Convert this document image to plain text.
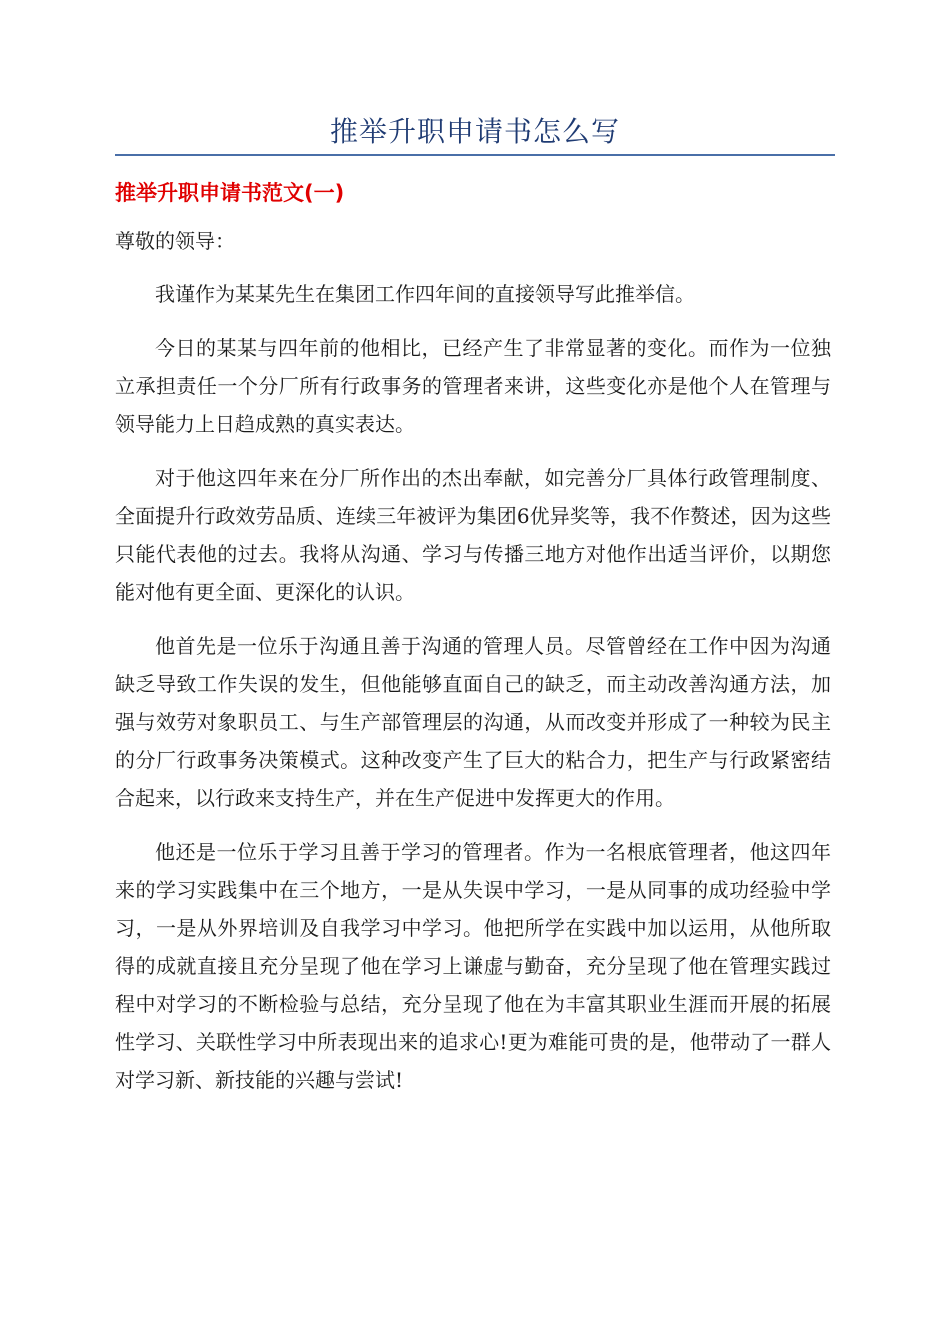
推举升职申请书怎么写
推举升职申请书范文(一)
尊敬的领导：

我谨作为某某先生在集团工作四年间的直接领导写此推举信。

今日的某某与四年前的他相比，已经产生了非常显著的变化。而作为一位独立承担责任一个分厂所有行政事务的管理者来讲，这些变化亦是他个人在管理与领导能力上日趋成熟的真实表达。

对于他这四年来在分厂所作出的杰出奉献，如完善分厂具体行政管理制度、全面提升行政效劳品质、连续三年被评为集团6优异奖等，我不作赘述，因为这些只能代表他的过去。我将从沟通、学习与传播三地方对他作出适当评价，以期您能对他有更全面、更深化的认识。

他首先是一位乐于沟通且善于沟通的管理人员。尽管曾经在工作中因为沟通缺乏导致工作失误的发生，但他能够直面自己的缺乏，而主动改善沟通方法，加强与效劳对象职员工、与生产部管理层的沟通，从而改变并形成了一种较为民主的分厂行政事务决策模式。这种改变产生了巨大的粘合力，把生产与行政紧密结合起来，以行政来支持生产，并在生产促进中发挥更大的作用。

他还是一位乐于学习且善于学习的管理者。作为一名根底管理者，他这四年来的学习实践集中在三个地方，一是从失误中学习，一是从同事的成功经验中学习，一是从外界培训及自我学习中学习。他把所学在实践中加以运用，从他所取得的成就直接且充分呈现了他在学习上谦虚与勤奋，充分呈现了他在管理实践过程中对学习的不断检验与总结，充分呈现了他在为丰富其职业生涯而开展的拓展性学习、关联性学习中所表现出来的追求心!更为难能可贵的是，他带动了一群人对学习新、新技能的兴趣与尝试!
